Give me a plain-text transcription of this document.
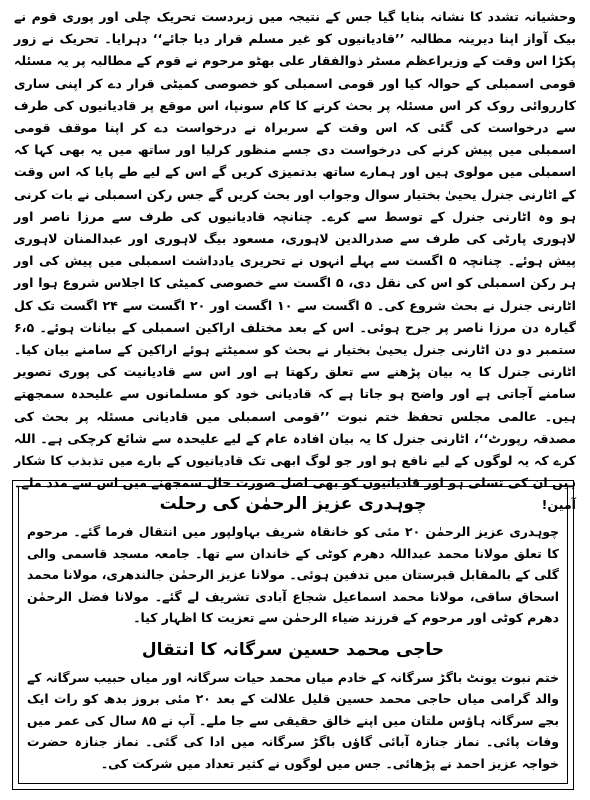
وحشیانہ تشدد کا نشانہ بنایا گیا جس کے نتیجہ میں زبردست تحریک چلی اور پوری قوم نے بیک آواز اپنا دیرینہ مطالبہ ’’قادیانیوں کو غیر مسلم قرار دیا جائے‘‘ دہرایا۔ تحریک نے زور پکڑا اس وقت کے وزیراعظم مسٹر ذوالفقار علی بھٹو مرحوم نے قوم کے مطالبہ پر یہ مسئلہ قومی اسمبلی کے حوالہ کیا اور قومی اسمبلی کو خصوصی کمیٹی قرار دے کر اپنی ساری کارروائی روک کر اس مسئلہ پر بحث کرنے کا کام سونپا، اس موقع پر قادیانیوں کی طرف سے درخواست کی گئی کہ اس وقت کے سربراہ نے درخواست دے کر اپنا موقف قومی اسمبلی میں پیش کرنے کی درخواست دی جسے منظور کرلیا اور ساتھ میں یہ بھی کہا کہ اسمبلی میں مولوی ہیں اور ہمارے ساتھ بدتمیزی کریں گے اس کے لیے طے پایا کہ اس وقت کے اٹارنی جنرل یحییٰ بختیار سوال وجواب اور بحث کریں گے جس رکن اسمبلی نے بات کرنی ہو وہ اٹارنی جنرل کے توسط سے کرے۔ چنانچہ قادیانیوں کی طرف سے مرزا ناصر اور لاہوری پارٹی کی طرف سے صدرالدین لاہوری، مسعود بیگ لاہوری اور عبدالمنان لاہوری پیش ہوئے۔ چنانچہ ۵ اگست سے پہلے انہوں نے تحریری یادداشت اسمبلی میں پیش کی اور ہر رکن اسمبلی کو اس کی نقل دی، ۵ اگست سے خصوصی کمیٹی کا اجلاس شروع ہوا اور اٹارنی جنرل نے بحث شروع کی۔ ۵ اگست سے ۱۰ اگست اور ۲۰ اگست سے ۲۴ اگست تک کل گیارہ دن مرزا ناصر پر جرح ہوئی۔ اس کے بعد مختلف اراکین اسمبلی کے بیانات ہوئے۔ ۶،۵ ستمبر دو دن اٹارنی جنرل یحییٰ بختیار نے بحث کو سمیٹتے ہوئے اراکین کے سامنے بیان کیا۔ اٹارنی جنرل کا یہ بیان پڑھنے سے تعلق رکھتا ہے اور اس سے قادیانیت کی پوری تصویر سامنے آجاتی ہے اور واضح ہو جاتا ہے کہ قادیانی خود کو مسلمانوں سے علیحدہ سمجھتے ہیں۔ عالمی مجلس تحفظ ختم نبوت ’’قومی اسمبلی میں قادیانی مسئلہ پر بحث کی مصدقہ رپورٹ‘‘، اٹارنی جنرل کا یہ بیان افادہ عام کے لیے علیحدہ سے شائع کرچکی ہے۔ اللہ کرے کہ یہ لوگوں کے لیے نافع ہو اور جو لوگ ابھی تک قادیانیوں کے بارے میں تذبذب کا شکار ہیں ان کی تسلی ہو اور قادیانیوں کو بھی اصل صورت حال سمجھنے میں اس سے مدد ملے۔ آمین!

چوہدری عزیز الرحمٰن کی رحلت

چوہدری عزیز الرحمٰن ۲۰ مئی کو خانقاہ شریف بہاولپور میں انتقال فرما گئے۔ مرحوم کا تعلق مولانا محمد عبداللہ دھرم کوٹی کے خاندان سے تھا۔ جامعہ مسجد قاسمی والی گلی کے بالمقابل قبرستان میں تدفین ہوئی۔ مولانا عزیز الرحمٰن جالندھری، مولانا محمد اسحاق ساقی، مولانا محمد اسماعیل شجاع آبادی تشریف لے گئے۔ مولانا فضل الرحمٰن دھرم کوٹی اور مرحوم کے فرزند ضیاء الرحمٰن سے تعزیت کا اظہار کیا۔

حاجی محمد حسین سرگانہ کا انتقال

ختم نبوت یونٹ باگڑ سرگانہ کے خادم میاں محمد حیات سرگانہ اور میاں حبیب سرگانہ کے والد گرامی میاں حاجی محمد حسین قلیل علالت کے بعد ۲۰ مئی بروز بدھ کو رات ایک بجے سرگانہ ہاؤس ملتان میں اپنے خالق حقیقی سے جا ملے۔ آپ نے ۸۵ سال کی عمر میں وفات پائی۔ نماز جنازہ آبائی گاؤں باگڑ سرگانہ میں ادا کی گئی۔ نماز جنازہ حضرت خواجہ عزیز احمد نے پڑھائی۔ جس میں لوگوں نے کثیر تعداد میں شرکت کی۔
